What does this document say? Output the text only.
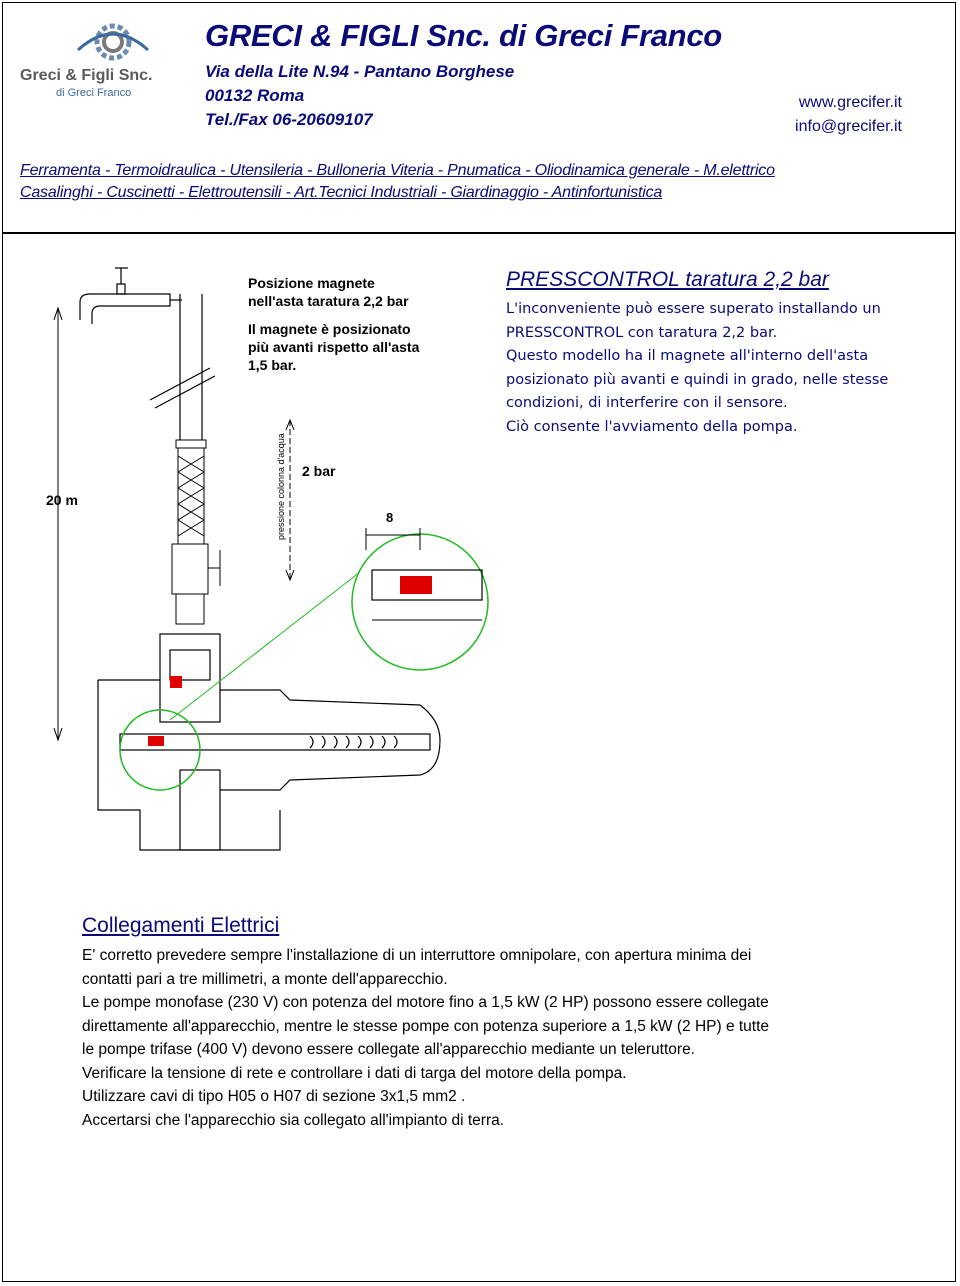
Greci & Figli Snc.
di Greci Franco
GRECI & FIGLI Snc. di Greci Franco
Via della Lite N.94 - Pantano Borghese
00132 Roma
Tel./Fax 06-20609107
www.grecifer.it
info@grecifer.it
Ferramenta - Termoidraulica - Utensileria - Bulloneria Viteria - Pnumatica - Oliodinamica generale - M.elettrico
Casalinghi - Cuscinetti - Elettroutensili - Art.Tecnici Industriali - Giardinaggio - Antinfortunistica
Posizione magnete
nell'asta taratura 2,2 bar
Il magnete è posizionato
più avanti rispetto all'asta
1,5 bar.
20 m
2 bar
8
pressione colonna d'acqua
PRESSCONTROL taratura 2,2 bar
L'inconveniente può essere superato installando un
PRESSCONTROL con taratura 2,2 bar.
Questo modello ha il magnete all'interno dell'asta
posizionato più avanti e quindi in grado, nelle stesse
condizioni, di interferire con il sensore.
Ciò consente l'avviamento della pompa.
Collegamenti Elettrici
E' corretto prevedere sempre l'installazione di un interruttore omnipolare, con apertura minima dei
contatti pari a tre millimetri, a monte dell'apparecchio.
Le pompe monofase (230 V) con potenza del motore fino a 1,5 kW (2 HP) possono essere collegate
direttamente all'apparecchio, mentre le stesse pompe con potenza superiore a 1,5 kW (2 HP) e tutte
le pompe trifase (400 V) devono essere collegate all'apparecchio mediante un teleruttore.
Verificare la tensione di rete e controllare i dati di targa del motore della pompa.
Utilizzare cavi di tipo H05 o H07 di sezione 3x1,5 mm2 .
Accertarsi che l'apparecchio sia collegato all'impianto di terra.
